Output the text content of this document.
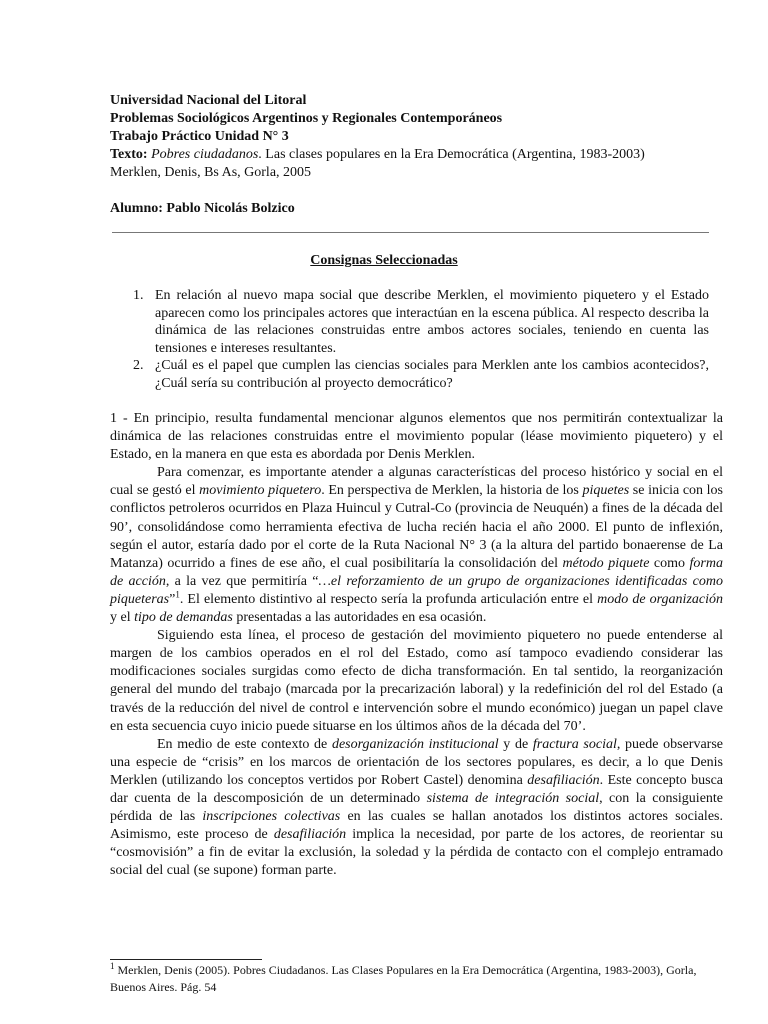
Universidad Nacional del Litoral
Problemas Sociológicos Argentinos y Regionales Contemporáneos
Trabajo Práctico Unidad N° 3
Texto: Pobres ciudadanos. Las clases populares en la Era Democrática (Argentina, 1983-2003)
Merklen, Denis, Bs As, Gorla, 2005
Alumno: Pablo Nicolás Bolzico
Consignas Seleccionadas
1. En relación al nuevo mapa social que describe Merklen, el movimiento piquetero y el Estado aparecen como los principales actores que interactúan en la escena pública. Al respecto describa la dinámica de las relaciones construidas entre ambos actores sociales, teniendo en cuenta las tensiones e intereses resultantes.
2. ¿Cuál es el papel que cumplen las ciencias sociales para Merklen ante los cambios acontecidos?, ¿Cuál sería su contribución al proyecto democrático?

1 - En principio, resulta fundamental mencionar algunos elementos que nos permitirán contextualizar la dinámica de las relaciones construidas entre el movimiento popular (léase movimiento piquetero) y el Estado, en la manera en que esta es abordada por Denis Merklen.

Para comenzar, es importante atender a algunas características del proceso histórico y social en el cual se gestó el movimiento piquetero. En perspectiva de Merklen, la historia de los piquetes se inicia con los conflictos petroleros ocurridos en Plaza Huincul y Cutral-Co (provincia de Neuquén) a fines de la década del 90’, consolidándose como herramienta efectiva de lucha recién hacia el año 2000. El punto de inflexión, según el autor, estaría dado por el corte de la Ruta Nacional N° 3 (a la altura del partido bonaerense de La Matanza) ocurrido a fines de ese año, el cual posibilitaría la consolidación del método piquete como forma de acción, a la vez que permitiría “…el reforzamiento de un grupo de organizaciones identificadas como piqueteras”$^1$. El elemento distintivo al respecto sería la profunda articulación entre el modo de organización y el tipo de demandas presentadas a las autoridades en esa ocasión.

Siguiendo esta línea, el proceso de gestación del movimiento piquetero no puede entenderse al margen de los cambios operados en el rol del Estado, como así tampoco evadiendo considerar las modificaciones sociales surgidas como efecto de dicha transformación. En tal sentido, la reorganización general del mundo del trabajo (marcada por la precarización laboral) y la redefinición del rol del Estado (a través de la reducción del nivel de control e intervención sobre el mundo económico) juegan un papel clave en esta secuencia cuyo inicio puede situarse en los últimos años de la década del 70’.

En medio de este contexto de desorganización institucional y de fractura social, puede observarse una especie de “crisis” en los marcos de orientación de los sectores populares, es decir, a lo que Denis Merklen (utilizando los conceptos vertidos por Robert Castel) denomina desafiliación. Este concepto busca dar cuenta de la descomposición de un determinado sistema de integración social, con la consiguiente pérdida de las inscripciones colectivas en las cuales se hallan anotados los distintos actores sociales. Asimismo, este proceso de desafiliación implica la necesidad, por parte de los actores, de reorientar su “cosmovisión” a fin de evitar la exclusión, la soledad y la pérdida de contacto con el complejo entramado social del cual (se supone) forman parte.

$^1$ Merklen, Denis (2005). Pobres Ciudadanos. Las Clases Populares en la Era Democrática (Argentina, 1983-2003), Gorla, Buenos Aires. Pág. 54
